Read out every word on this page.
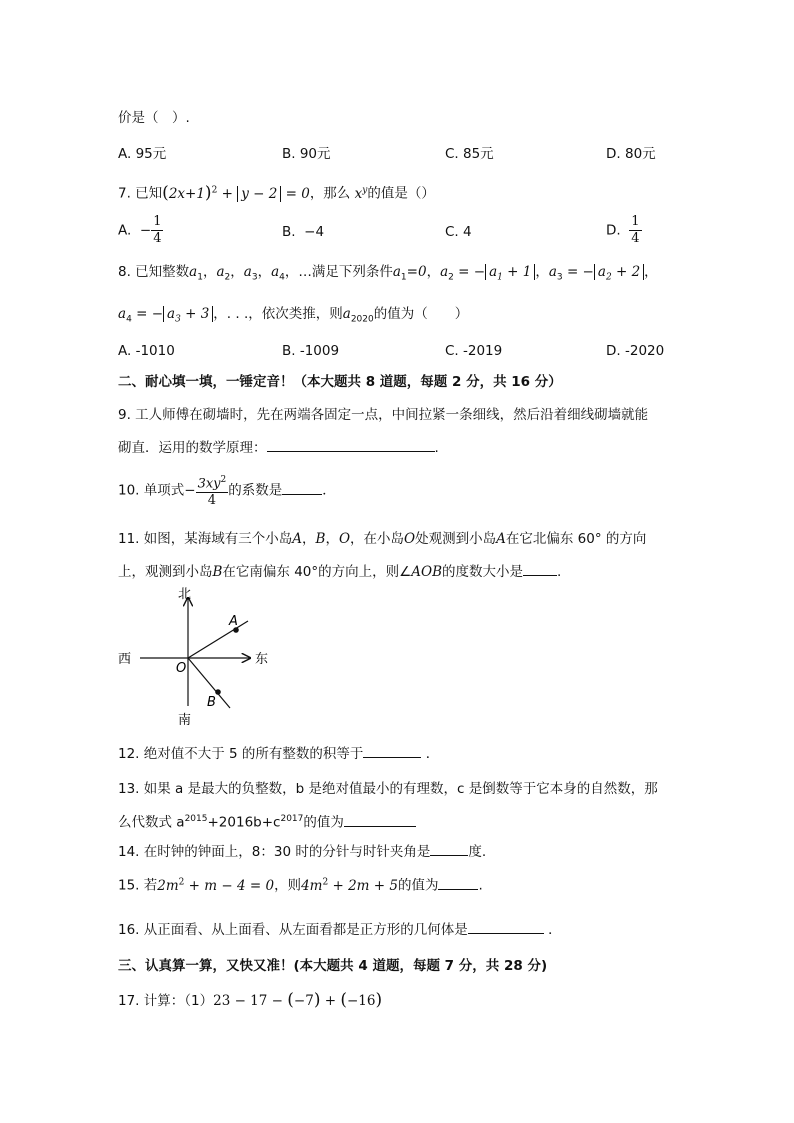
价是（　）.
A. 95元	B. 90元	C. 85元	D. 80元
7. 已知$(2x+1)^2 + y - 2 = 0$，那么 $x^y$的值是（）
A. − $\frac{1}{4}$	B. −4	C. 4	D. $\frac{1}{4}$
8. 已知整数$a_1$，$a_2$，$a_3$，$a_4$，…满足下列条件$a_1=0$，$a_2$ = − $a_1 + 1$ ，$a_3$ = − $a_2 + 2$ ，
$a_4$ = − $a_3 + 3$ ，. . .，依次类推，则$a_{2020}$的值为（　　）
A. -1010	B. -1009	C. -2019	D. -2020
二、耐心填一填，一锤定音！（本大题共 8 道题，每题 2 分，共 16 分）
9. 工人师傅在砌墙时，先在两端各固定一点，中间拉紧一条细线，然后沿着细线砌墙就能
砌直．运用的数学原理：	.
10. 单项式− $\frac{3xy^2}{4}$ 的系数是	．
11. 如图，某海域有三个小岛A，B，O，在小岛O处观测到小岛A在它北偏东 60° 的方向
上，观测到小岛B在它南偏东 40°的方向上，则∠AOB的度数大小是	.
北
南
东
西
O
A
B
12. 绝对值不大于 5 的所有整数的积等于	．
13. 如果 a 是最大的负整数，b 是绝对值最小的有理数，c 是倒数等于它本身的自然数，那
么代数式 $a^{2015}+2016b+c^{2017}$的值为
14. 在时钟的钟面上，8：30 时的分针与时针夹角是	度.
15. 若$2m^2 + m - 4 = 0$，则$4m^2 + 2m + 5$的值为	.
16. 从正面看、从上面看、从左面看都是正方形的几何体是	．
三、认真算一算，又快又准！(本大题共 4 道题，每题 7 分，共 28 分)
17. 计算：（1）23 − 17 − (−7) + (−16)
